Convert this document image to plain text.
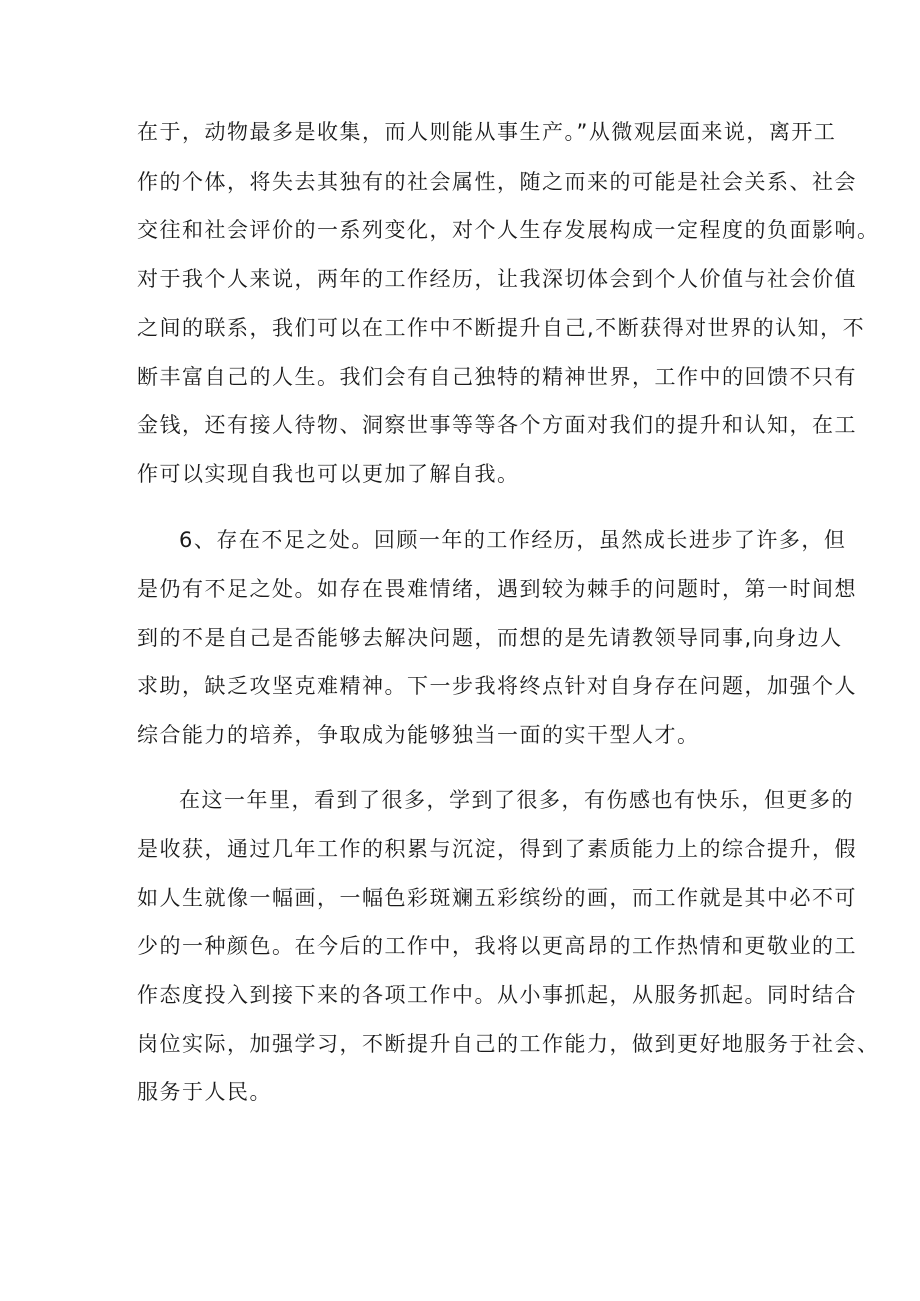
在于，动物最多是收集，而人则能从事生产。”从微观层面来说，离开工
作的个体，将失去其独有的社会属性，随之而来的可能是社会关系、社会
交往和社会评价的一系列变化，对个人生存发展构成一定程度的负面影响。
对于我个人来说，两年的工作经历，让我深切体会到个人价值与社会价值
之间的联系，我们可以在工作中不断提升自己,不断获得对世界的认知，不
断丰富自己的人生。我们会有自己独特的精神世界，工作中的回馈不只有
金钱，还有接人待物、洞察世事等等各个方面对我们的提升和认知，在工
作可以实现自我也可以更加了解自我。
6、存在不足之处。回顾一年的工作经历，虽然成长进步了许多，但
是仍有不足之处。如存在畏难情绪，遇到较为棘手的问题时，第一时间想
到的不是自己是否能够去解决问题，而想的是先请教领导同事,向身边人
求助，缺乏攻坚克难精神。下一步我将终点针对自身存在问题，加强个人
综合能力的培养，争取成为能够独当一面的实干型人才。
在这一年里，看到了很多，学到了很多，有伤感也有快乐，但更多的
是收获，通过几年工作的积累与沉淀，得到了素质能力上的综合提升，假
如人生就像一幅画，一幅色彩斑斓五彩缤纷的画，而工作就是其中必不可
少的一种颜色。在今后的工作中，我将以更高昂的工作热情和更敬业的工
作态度投入到接下来的各项工作中。从小事抓起，从服务抓起。同时结合
岗位实际，加强学习，不断提升自己的工作能力，做到更好地服务于社会、
服务于人民。
